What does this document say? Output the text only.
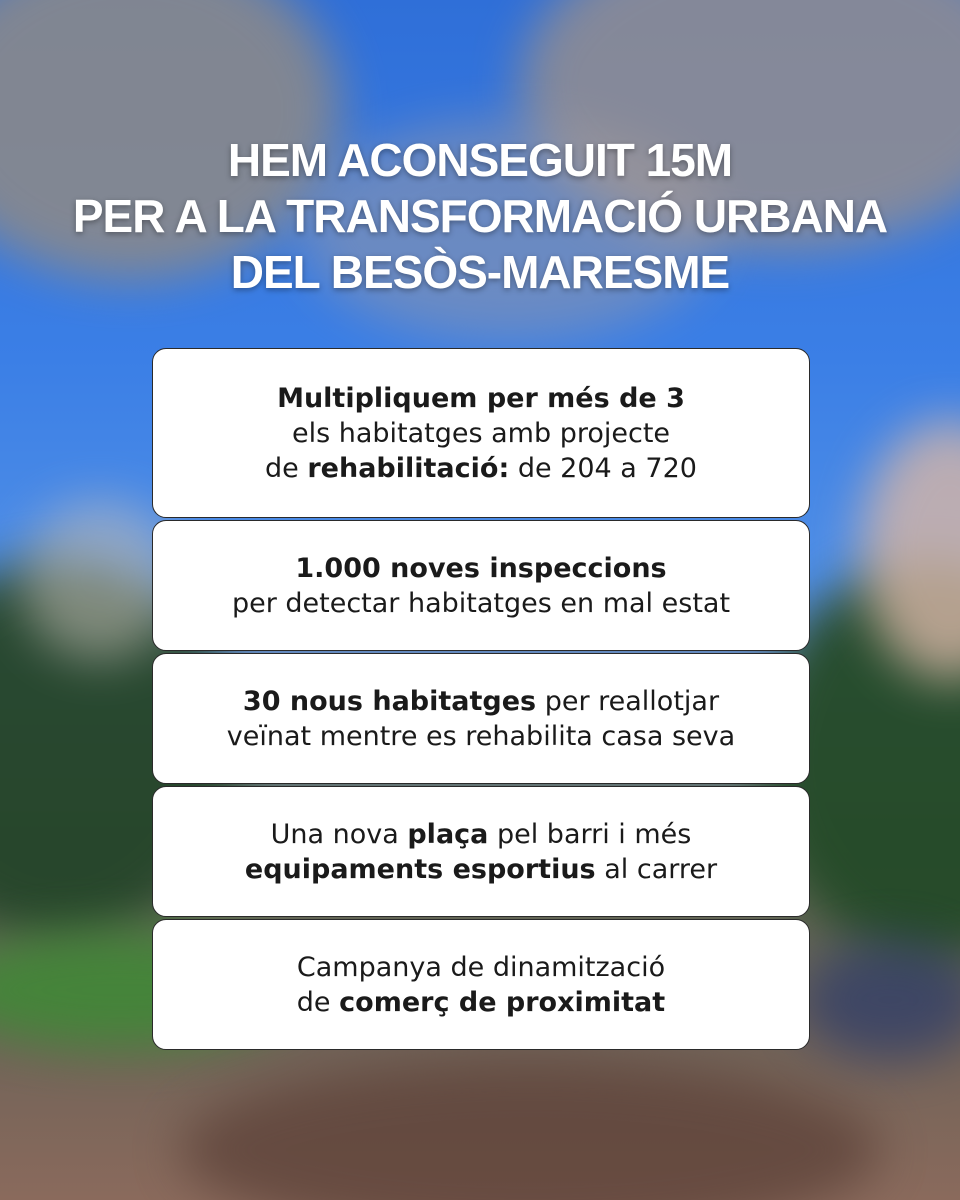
HEM ACONSEGUIT 15M
PER A LA TRANSFORMACIÓ URBANA
DEL BESÒS-MARESME
Multipliquem per més de 3
els habitatges amb projecte
de rehabilitació: de 204 a 720
1.000 noves inspeccions
per detectar habitatges en mal estat
30 nous habitatges per reallotjar
veïnat mentre es rehabilita casa seva
Una nova plaça pel barri i més
equipaments esportius al carrer
Campanya de dinamització
de comerç de proximitat
